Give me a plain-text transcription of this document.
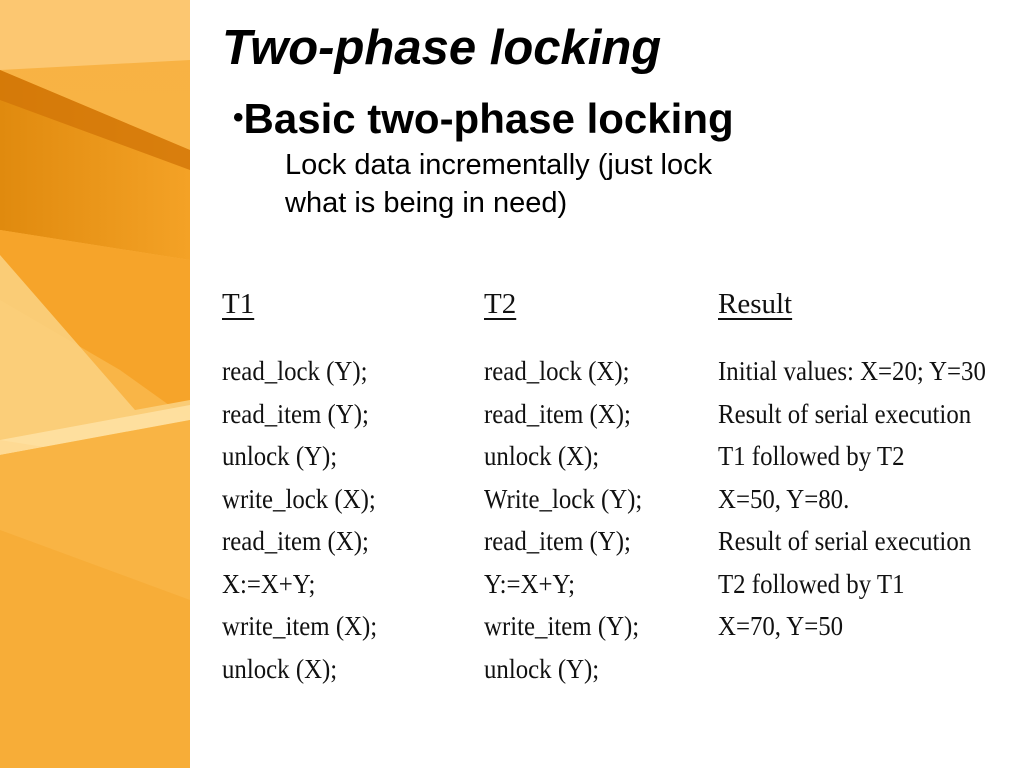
Two-phase locking
•Basic two-phase locking
Lock data incrementally (just lock
what is being in need)
T1
read_lock (Y);
read_item (Y);
unlock (Y);
write_lock (X);
read_item (X);
X:=X+Y;
write_item (X);
unlock (X);
T2
read_lock (X);
read_item (X);
unlock (X);
Write_lock (Y);
read_item (Y);
Y:=X+Y;
write_item (Y);
unlock (Y);
Result
Initial values: X=20; Y=30
Result of serial execution
T1 followed by T2
X=50, Y=80.
Result of serial execution
T2 followed by T1
X=70, Y=50
